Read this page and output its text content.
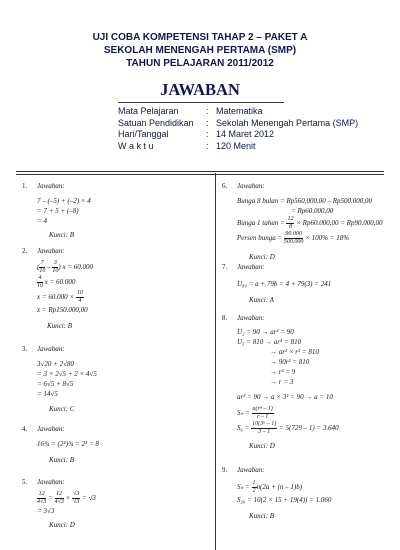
UJI COBA KOMPETENSI TAHAP 2 – PAKET A
SEKOLAH MENENGAH PERTAMA (SMP)
TAHUN PELAJARAN 2011/2012
JAWABAN
Mata Pelajaran	: Matematika
Satuan Pendidikan	: Sekolah Menengah Pertama (SMP)
Hari/Tanggal	: 14 Maret 2012
W a k t u	: 120 Menit
1. Jawaban:
7 – (–5) + (–2) × 4
= 7 + 5 + (–8)
= 4
Kunci: B
2. Jawaban:
( $\frac{7}{10} - \frac{3}{10}$ ) x = 60.000
$\frac{4}{10}$ x = 60.000
$x = 60.000 \times \frac{10}{4}$
x = Rp150.000,00
Kunci: B
3. Jawaban:
3√20 + 2√80
= 3 × 2√5 + 2 × 4√5
= 6√5 + 8√5
= 14√5
Kunci: C
4. Jawaban:
16¾ = (2⁴)¾ = 2³ = 8
Kunci: B
5. Jawaban:
$\frac{12}{4√3} = \frac{12}{4√3} \times \frac{√3}{√3} = √3$
= 3√3
Kunci: D
6. Jawaban:
Bunga 8 bulan = Rp560.000,00 – Rp500.000,00
= Rp60.000,00
Bunga 1 tahun = $\frac{12}{8} \times Rp60.000,00 = Rp90.000,00$
Persen bunga = $\frac{90.000}{500.000} \times 100\% = 18\%$
Kunci: D
7. Jawaban:
U₈₀ = a + 79b = 4 + 79(3) = 241
Kunci: A
8. Jawaban:
U₂ = 90 → ar² = 90
U₅ = 810 → ar⁴ = 810
→ ar² × r² = 810
→ 90r² = 810
→ r² = 9
→ r = 3
ar² = 90 → a × 3² = 90 → a = 10
$S_n = \frac{\text{a(rⁿ – 1)}}{r - 1}$
$S_6 = \frac{\text{10(3⁶ – 1)}}{3 - 1} = 5(729 - 1) = 3.640$
Kunci: D
9. Jawaban:
$S_n = \frac{1}{2} n(2a + (n - 1)b)$
S₂₀ = 10(2 × 15 + 19(4)) = 1.060
Kunci: B
